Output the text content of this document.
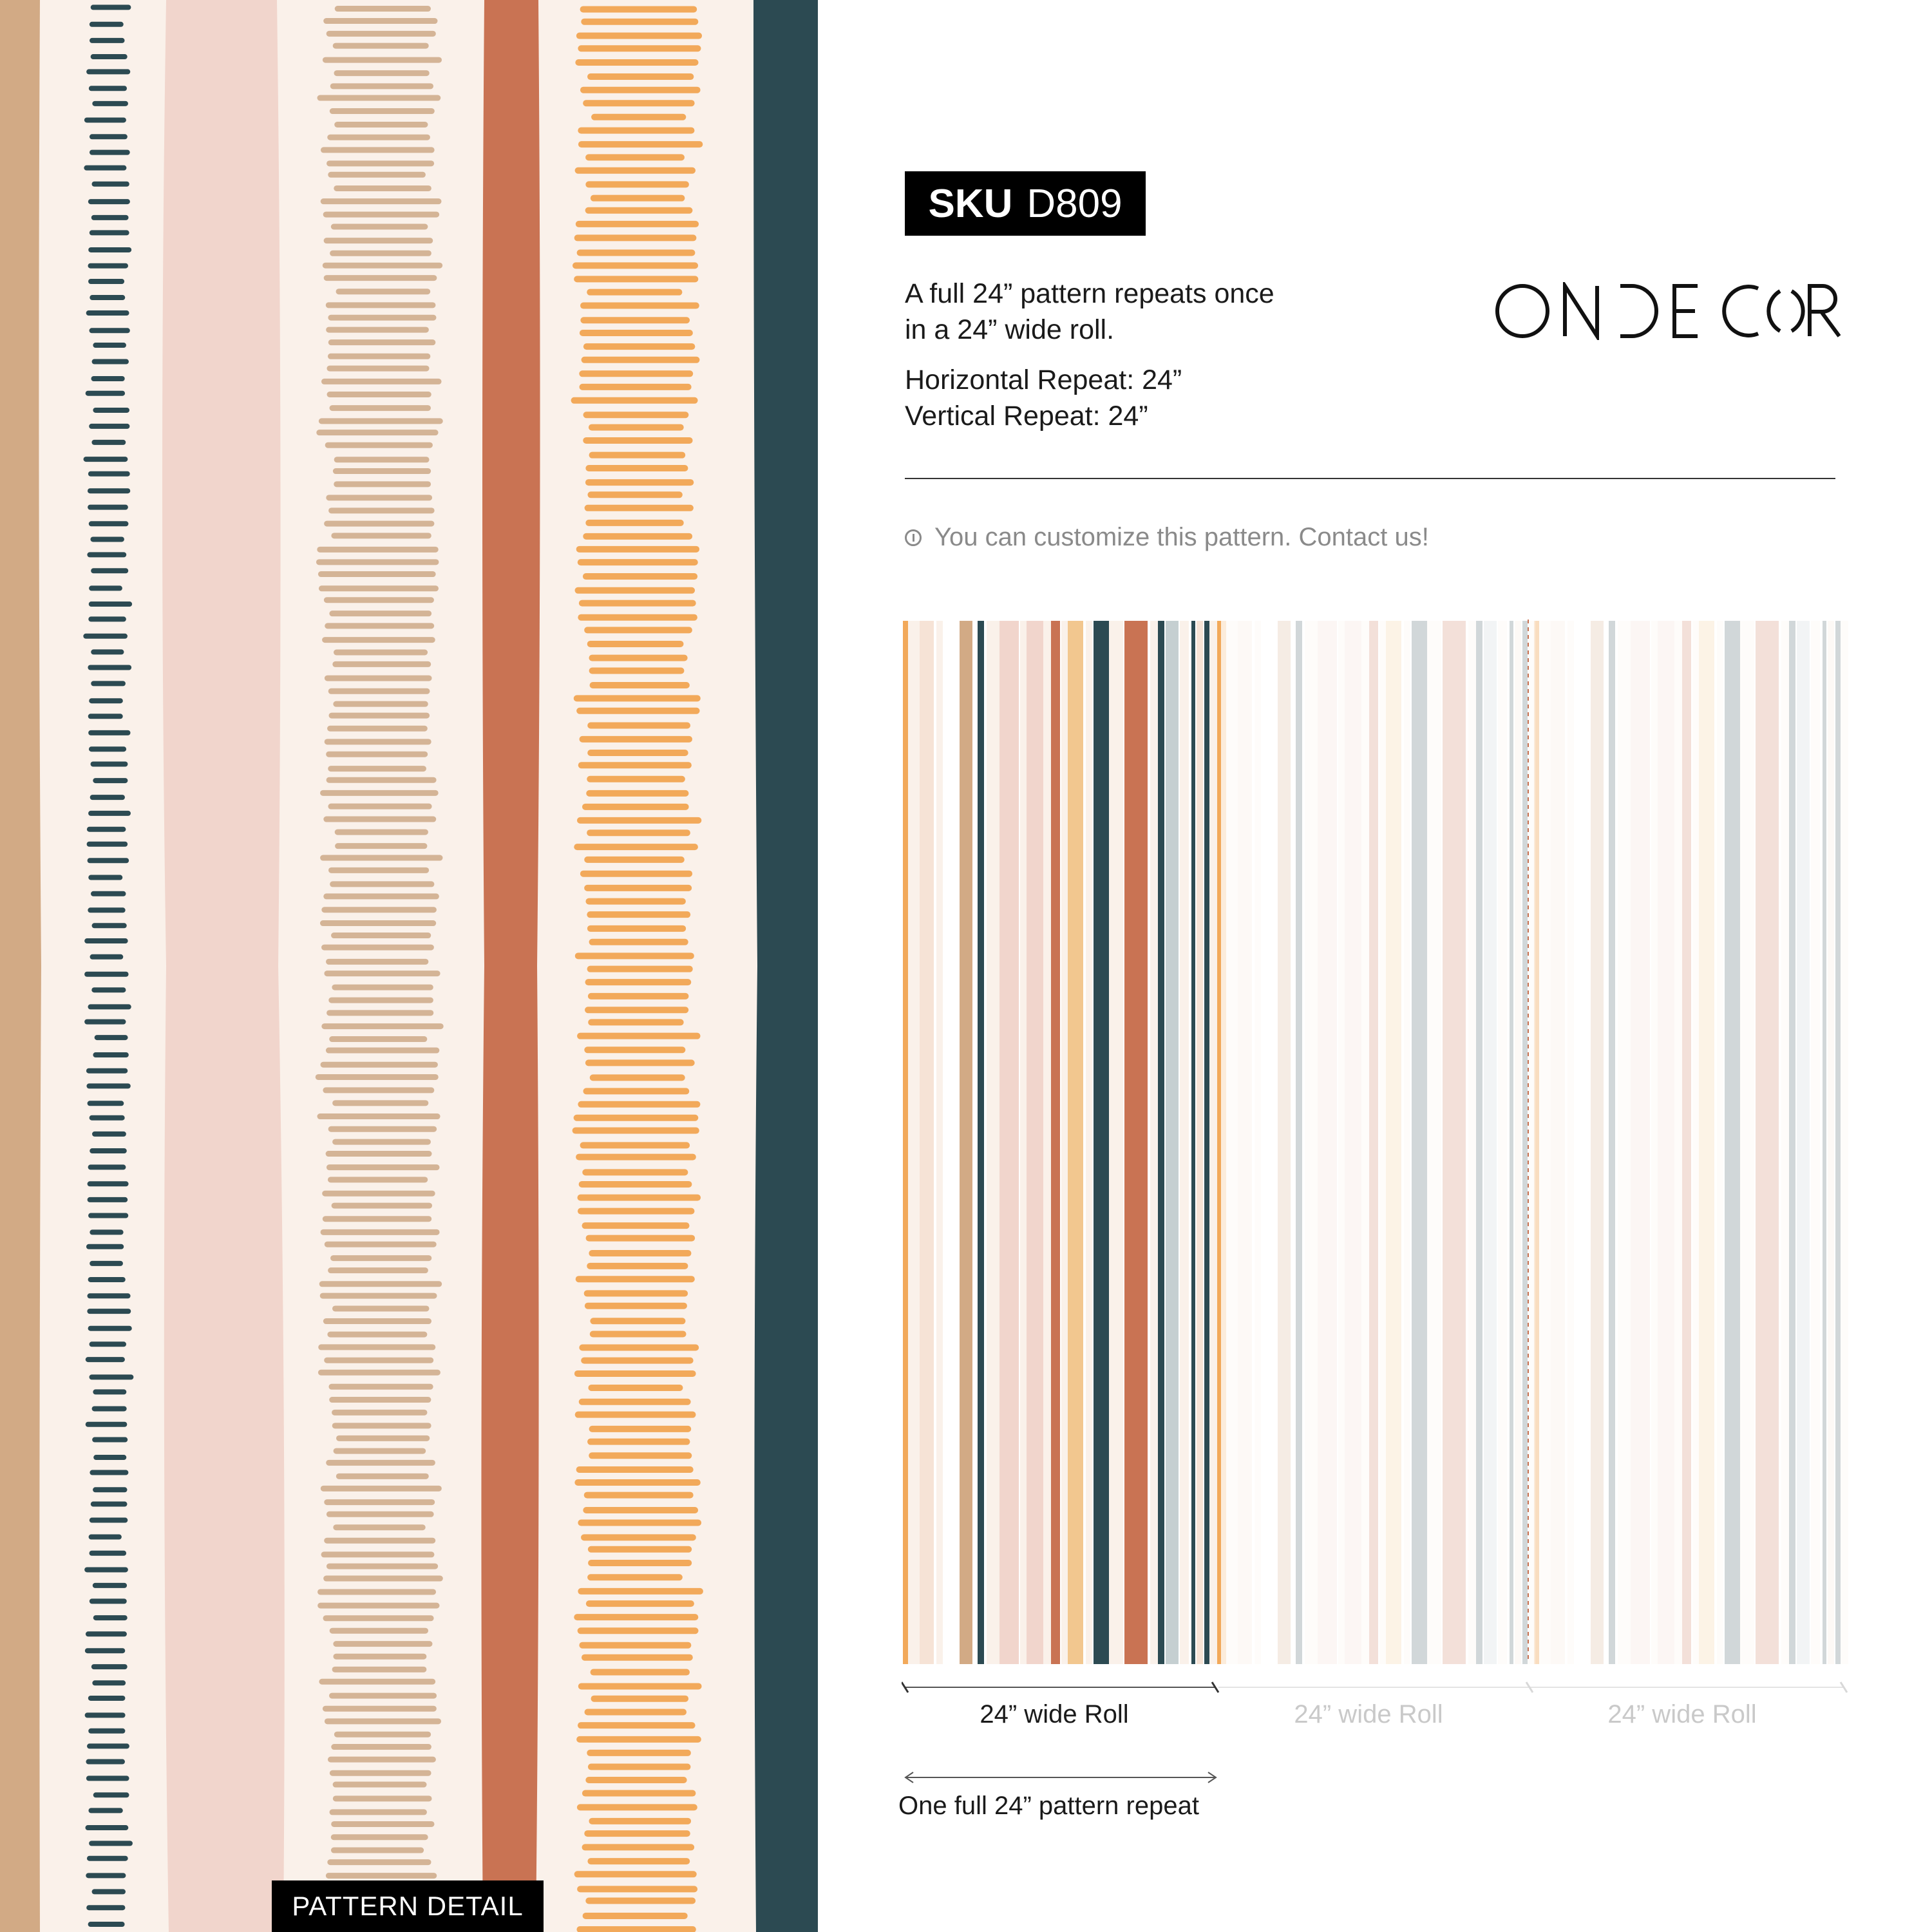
PATTERN DETAIL
SKU D809
A full 24” pattern repeats once
in a 24” wide roll.
Horizontal Repeat: 24”
Vertical Repeat: 24”
You can customize this pattern. Contact us!
24” wide Roll	24” wide Roll	24” wide Roll
One full 24” pattern repeat
